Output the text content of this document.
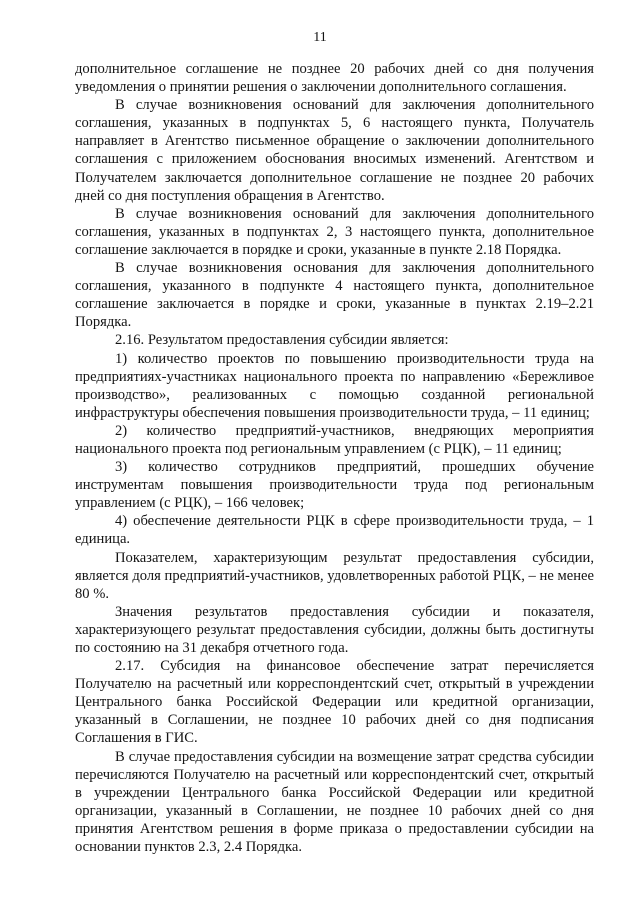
11

дополнительное соглашение не позднее 20 рабочих дней со дня получения уведомления о принятии решения о заключении дополнительного соглашения.

В случае возникновения оснований для заключения дополнительного соглашения, указанных в подпунктах 5, 6 настоящего пункта, Получатель направляет в Агентство письменное обращение о заключении дополнительного соглашения с приложением обоснования вносимых изменений. Агентством и Получателем заключается дополнительное соглашение не позднее 20 рабочих дней со дня поступления обращения в Агентство.

В случае возникновения оснований для заключения дополнительного соглашения, указанных в подпунктах 2, 3 настоящего пункта, дополнительное соглашение заключается в порядке и сроки, указанные в пункте 2.18 Порядка.

В случае возникновения основания для заключения дополнительного соглашения, указанного в подпункте 4 настоящего пункта, дополнительное соглашение заключается в порядке и сроки, указанные в пунктах 2.19–2.21 Порядка.

2.16. Результатом предоставления субсидии является:

1) количество проектов по повышению производительности труда на предприятиях-участниках национального проекта по направлению «Бережливое производство», реализованных с помощью созданной региональной инфраструктуры обеспечения повышения производительности труда, – 11 единиц;

2) количество предприятий-участников, внедряющих мероприятия национального проекта под региональным управлением (с РЦК), – 11 единиц;

3) количество сотрудников предприятий, прошедших обучение инструментам повышения производительности труда под региональным управлением (с РЦК), – 166 человек;

4) обеспечение деятельности РЦК в сфере производительности труда, – 1 единица.

Показателем, характеризующим результат предоставления субсидии, является доля предприятий-участников, удовлетворенных работой РЦК, – не менее 80 %.

Значения результатов предоставления субсидии и показателя, характеризующего результат предоставления субсидии, должны быть достигнуты по состоянию на 31 декабря отчетного года.

2.17. Субсидия на финансовое обеспечение затрат перечисляется Получателю на расчетный или корреспондентский счет, открытый в учреждении Центрального банка Российской Федерации или кредитной организации, указанный в Соглашении, не позднее 10 рабочих дней со дня подписания Соглашения в ГИС.

В случае предоставления субсидии на возмещение затрат средства субсидии перечисляются Получателю на расчетный или корреспондентский счет, открытый в учреждении Центрального банка Российской Федерации или кредитной организации, указанный в Соглашении, не позднее 10 рабочих дней со дня принятия Агентством решения в форме приказа о предоставлении субсидии на основании пунктов 2.3, 2.4 Порядка.
